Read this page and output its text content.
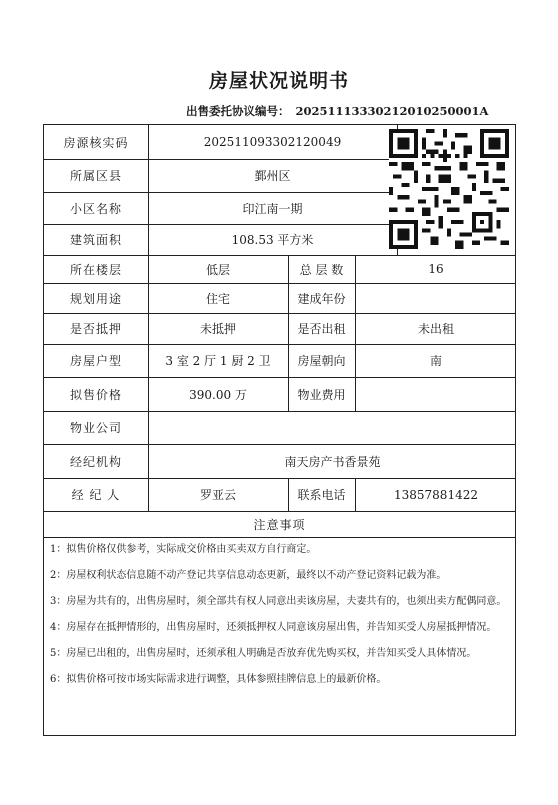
房屋状况说明书
出售委托协议编号： 20251113330212010250001A
房源核实码	202511093302120049
所属区县	鄞州区
小区名称	印江南一期
建筑面积	108.53 平方米
所在楼层	低层	总 层 数	16
规划用途	住宅	建成年份
是否抵押	未抵押	是否出租	未出租
房屋户型	3 室 2 厅 1 厨 2 卫	房屋朝向	南
拟售价格	390.00 万	物业费用
物业公司
经纪机构	南天房产书香景苑
经 纪 人	罗亚云	联系电话	13857881422
注意事项

1：拟售价格仅供参考，实际成交价格由买卖双方自行商定。

2：房屋权利状态信息随不动产登记共享信息动态更新，最终以不动产登记资料记载为准。

3：房屋为共有的，出售房屋时，须全部共有权人同意出卖该房屋，夫妻共有的，也须出卖方配偶同意。

4：房屋存在抵押情形的，出售房屋时，还须抵押权人同意该房屋出售，并告知买受人房屋抵押情况。

5：房屋已出租的，出售房屋时，还须承租人明确是否放弃优先购买权，并告知买受人具体情况。

6：拟售价格可按市场实际需求进行调整，具体参照挂牌信息上的最新价格。
